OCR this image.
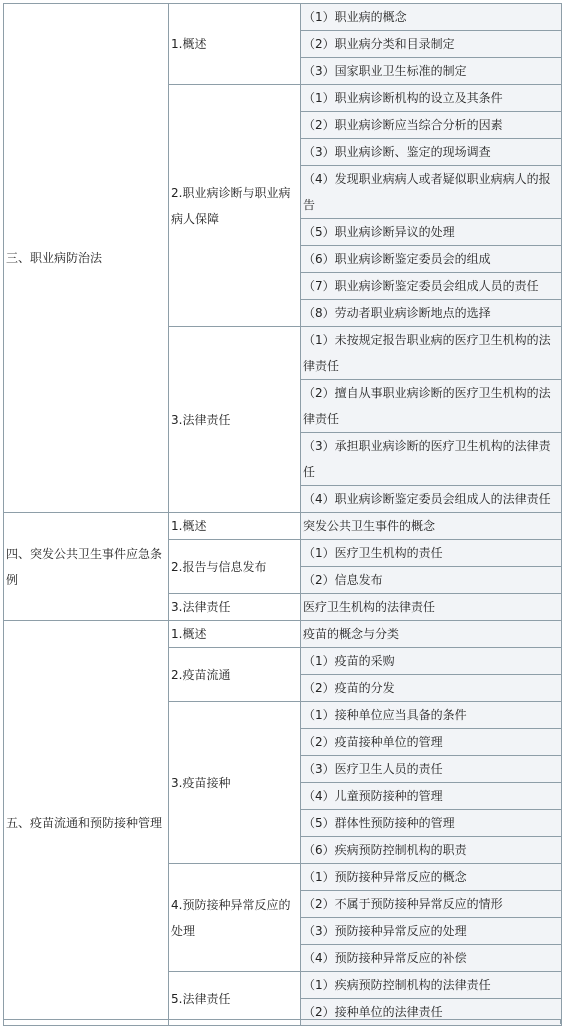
三、职业病防治法	1.概述	（1）职业病的概念
		（2）职业病分类和目录制定
		（3）国家职业卫生标准的制定
	2.职业病诊断与职业病病人保障	（1）职业病诊断机构的设立及其条件
		（2）职业病诊断应当综合分析的因素
		（3）职业病诊断、鉴定的现场调查
		（4）发现职业病病人或者疑似职业病病人的报告
		（5）职业病诊断异议的处理
		（6）职业病诊断鉴定委员会的组成
		（7）职业病诊断鉴定委员会组成人员的责任
		（8）劳动者职业病诊断地点的选择
	3.法律责任	（1）未按规定报告职业病的医疗卫生机构的法律责任
		（2）擅自从事职业病诊断的医疗卫生机构的法律责任
		（3）承担职业病诊断的医疗卫生机构的法律责任
		（4）职业病诊断鉴定委员会组成人的法律责任
四、突发公共卫生事件应急条例	1.概述	突发公共卫生事件的概念
	2.报告与信息发布	（1）医疗卫生机构的责任
		（2）信息发布
	3.法律责任	医疗卫生机构的法律责任
五、疫苗流通和预防接种管理	1.概述	疫苗的概念与分类
	2.疫苗流通	（1）疫苗的采购
		（2）疫苗的分发
	3.疫苗接种	（1）接种单位应当具备的条件
		（2）疫苗接种单位的管理
		（3）医疗卫生人员的责任
		（4）儿童预防接种的管理
		（5）群体性预防接种的管理
		（6）疾病预防控制机构的职责
	4.预防接种异常反应的处理	（1）预防接种异常反应的概念
		（2）不属于预防接种异常反应的情形
		（3）预防接种异常反应的处理
		（4）预防接种异常反应的补偿
	5.法律责任	（1）疾病预防控制机构的法律责任
		（2）接种单位的法律责任
